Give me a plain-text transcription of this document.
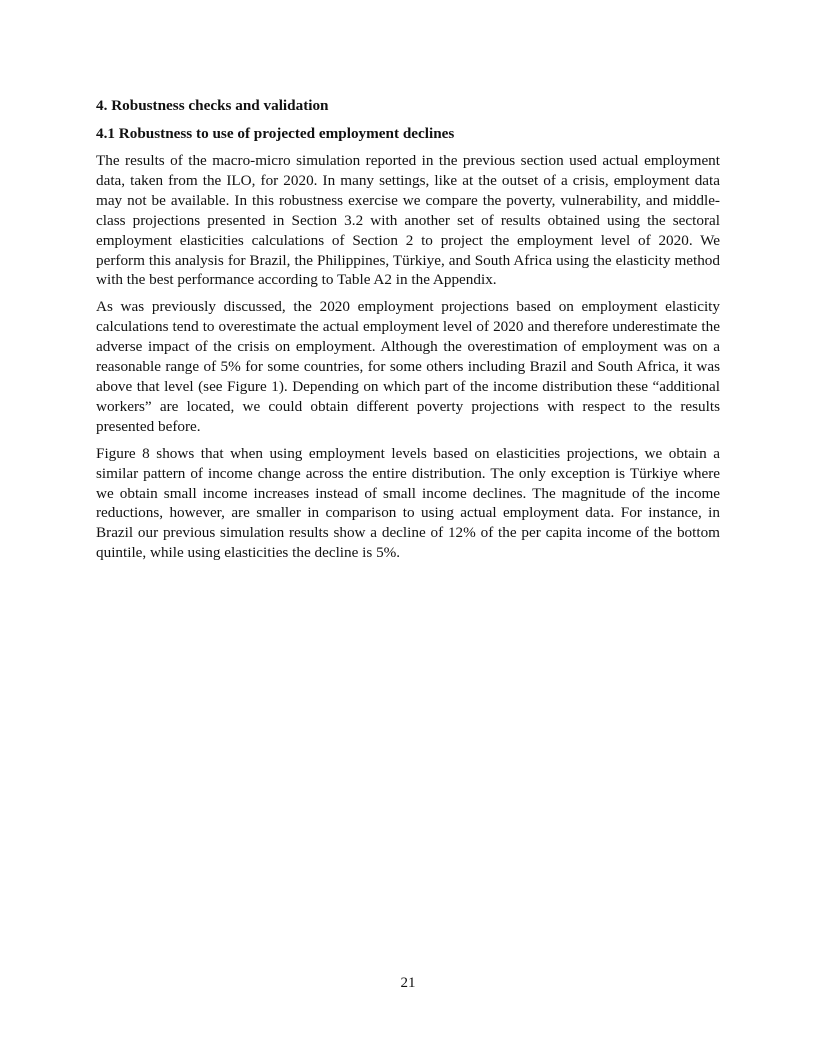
4. Robustness checks and validation
4.1 Robustness to use of projected employment declines

The results of the macro-micro simulation reported in the previous section used actual employment data, taken from the ILO, for 2020. In many settings, like at the outset of a crisis, employment data may not be available. In this robustness exercise we compare the poverty, vulnerability, and middle-class projections presented in Section 3.2 with another set of results obtained using the sectoral employment elasticities calculations of Section 2 to project the employment level of 2020. We perform this analysis for Brazil, the Philippines, Türkiye, and South Africa using the elasticity method with the best performance according to Table A2 in the Appendix.

As was previously discussed, the 2020 employment projections based on employment elasticity calculations tend to overestimate the actual employment level of 2020 and therefore underestimate the adverse impact of the crisis on employment. Although the overestimation of employment was on a reasonable range of 5% for some countries, for some others including Brazil and South Africa, it was above that level (see Figure 1). Depending on which part of the income distribution these “additional workers” are located, we could obtain different poverty projections with respect to the results presented before.

Figure 8 shows that when using employment levels based on elasticities projections, we obtain a similar pattern of income change across the entire distribution. The only exception is Türkiye where we obtain small income increases instead of small income declines. The magnitude of the income reductions, however, are smaller in comparison to using actual employment data. For instance, in Brazil our previous simulation results show a decline of 12% of the per capita income of the bottom quintile, while using elasticities the decline is 5%.

21
